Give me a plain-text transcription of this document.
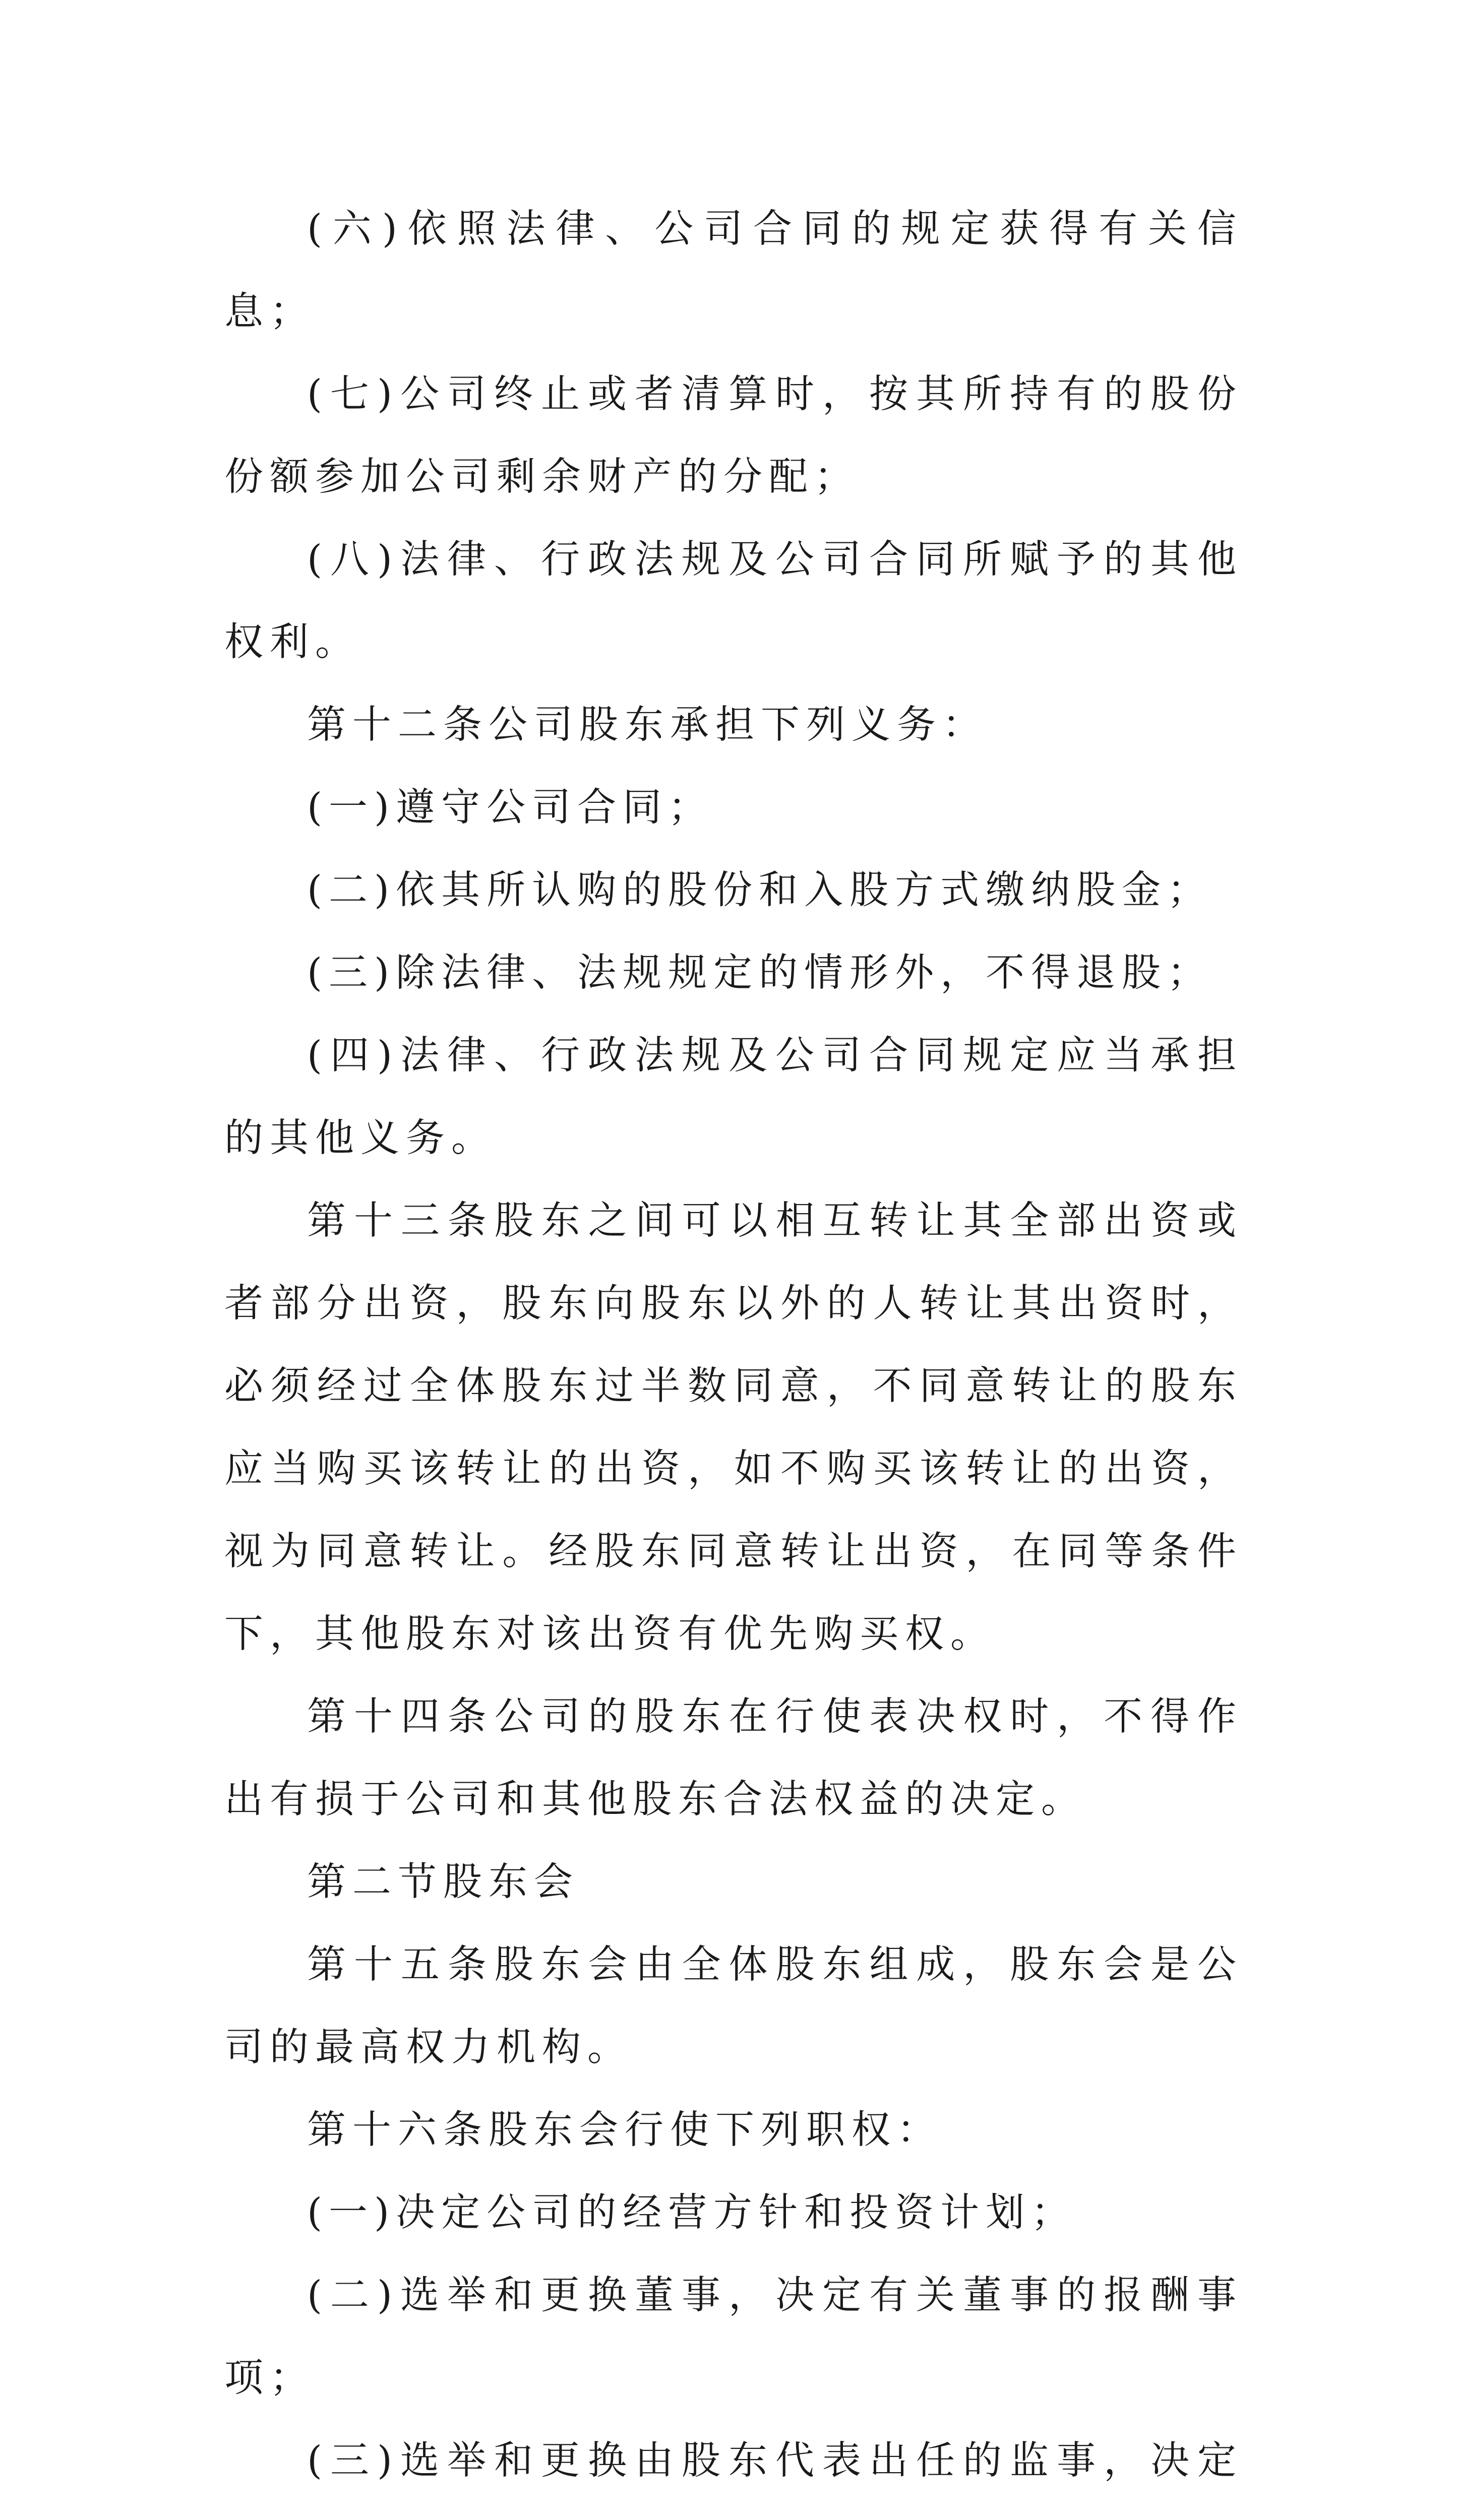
(六)依照法律、公司合同的规定获得有关信息；

(七)公司终止或者清算时，按其所持有的股份份额参加公司剩余财产的分配；

(八)法律、行政法规及公司合同所赋予的其他权利。

第十二条公司股东承担下列义务：

(一)遵守公司合同；

(二)依其所认购的股份和入股方式缴纳股金；

(三)除法律、法规规定的情形外，不得退股；

(四)法律、行政法规及公司合同规定应当承担的其他义务。

第十三条股东之间可以相互转让其全部出资或者部分出资，股东向股东以外的人转让其出资时，必须经过全体股东过半数同意，不同意转让的股东应当购买该转让的出资，如不购买该转让的出资，视为同意转让。经股东同意转让出资，在同等条件下，其他股东对该出资有优先购买权。

第十四条公司的股东在行使表决权时，不得作出有损于公司和其他股东合法权益的决定。

第二节股东会

第十五条股东会由全体股东组成，股东会是公司的最高权力机构。

第十六条股东会行使下列职权：

(一)决定公司的经营方针和投资计划；

(二)选举和更换董事，决定有关董事的报酬事项；

(三)选举和更换由股东代表出任的监事，决定
